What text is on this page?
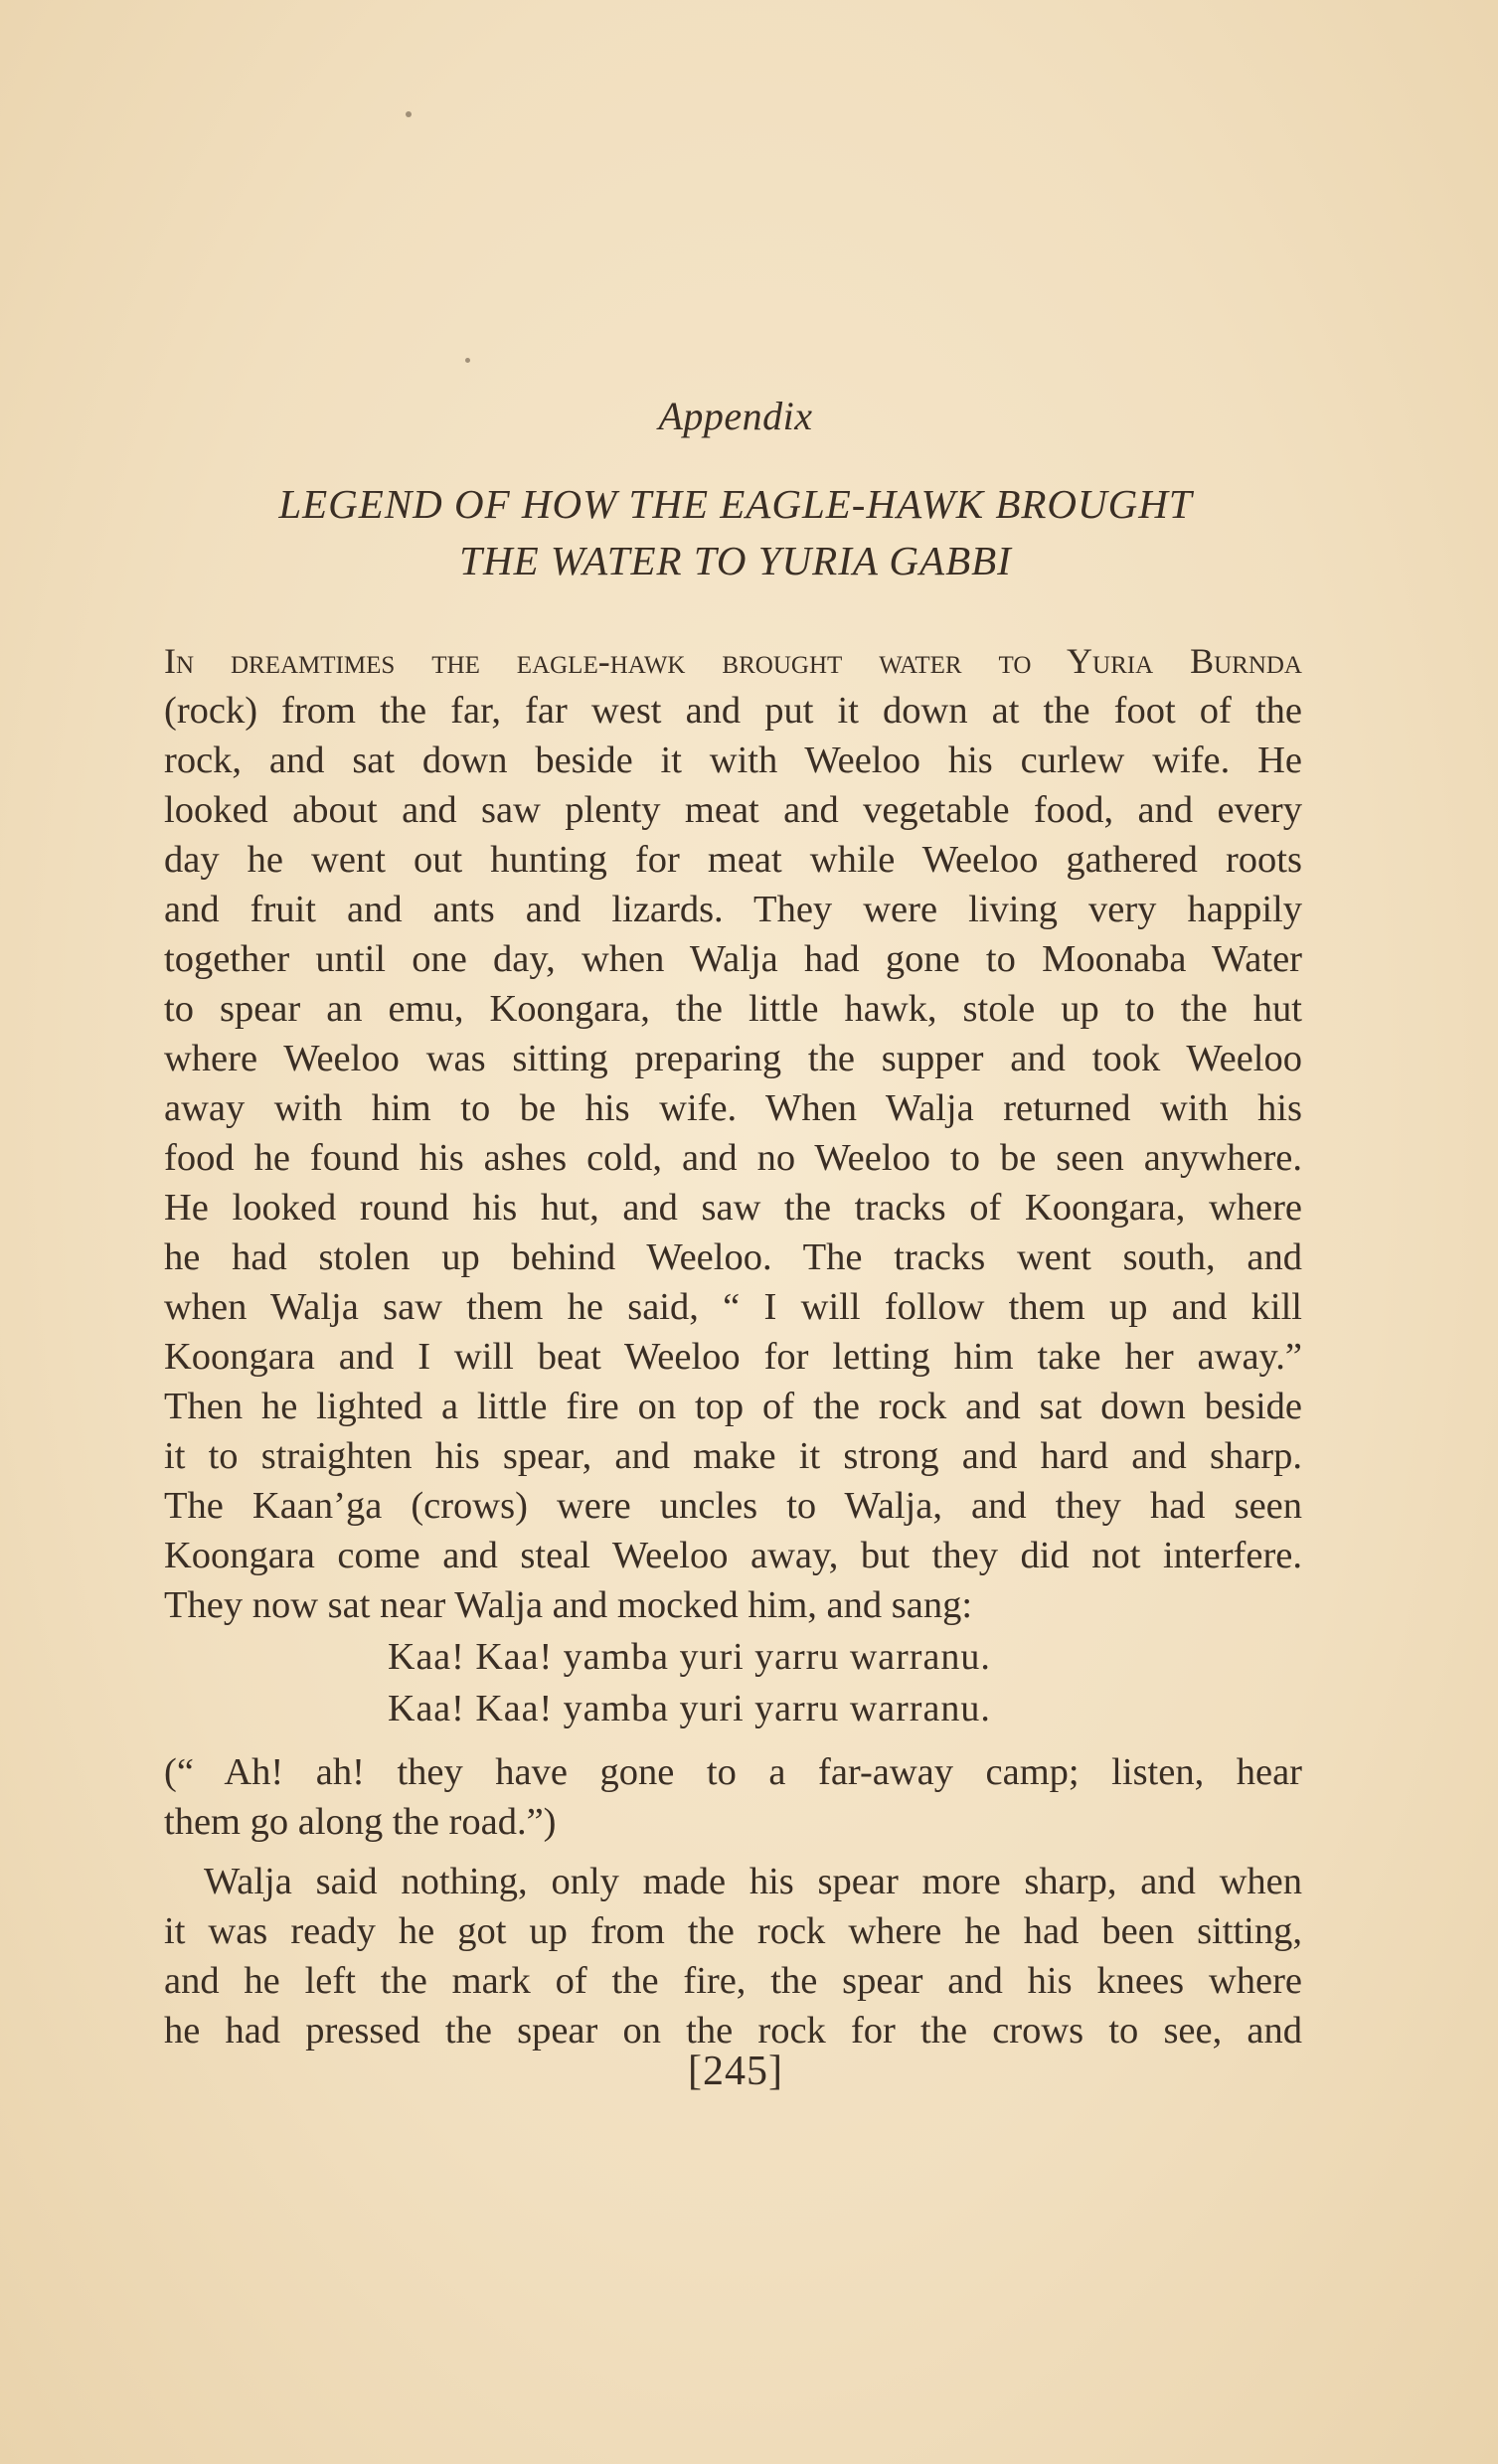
Appendix
LEGEND OF HOW THE EAGLE-HAWK BROUGHT
THE WATER TO YURIA GABBI
In dreamtimes the eagle-hawk brought water to Yuria Burnda
(rock) from the far, far west and put it down at the foot of the
rock, and sat down beside it with Weeloo his curlew wife. He
looked about and saw plenty meat and vegetable food, and every
day he went out hunting for meat while Weeloo gathered roots
and fruit and ants and lizards. They were living very happily
together until one day, when Walja had gone to Moonaba Water
to spear an emu, Koongara, the little hawk, stole up to the hut
where Weeloo was sitting preparing the supper and took Weeloo
away with him to be his wife. When Walja returned with his
food he found his ashes cold, and no Weeloo to be seen anywhere.
He looked round his hut, and saw the tracks of Koongara, where
he had stolen up behind Weeloo. The tracks went south, and
when Walja saw them he said, “ I will follow them up and kill
Koongara and I will beat Weeloo for letting him take her away.”
Then he lighted a little fire on top of the rock and sat down beside
it to straighten his spear, and make it strong and hard and sharp.
The Kaan’ga (crows) were uncles to Walja, and they had seen
Koongara come and steal Weeloo away, but they did not interfere.
They now sat near Walja and mocked him, and sang:
Kaa! Kaa! yamba yuri yarru warranu.
Kaa! Kaa! yamba yuri yarru warranu.
(“ Ah! ah! they have gone to a far-away camp; listen, hear
them go along the road.”)
Walja said nothing, only made his spear more sharp, and when
it was ready he got up from the rock where he had been sitting,
and he left the mark of the fire, the spear and his knees where
he had pressed the spear on the rock for the crows to see, and
[245]
